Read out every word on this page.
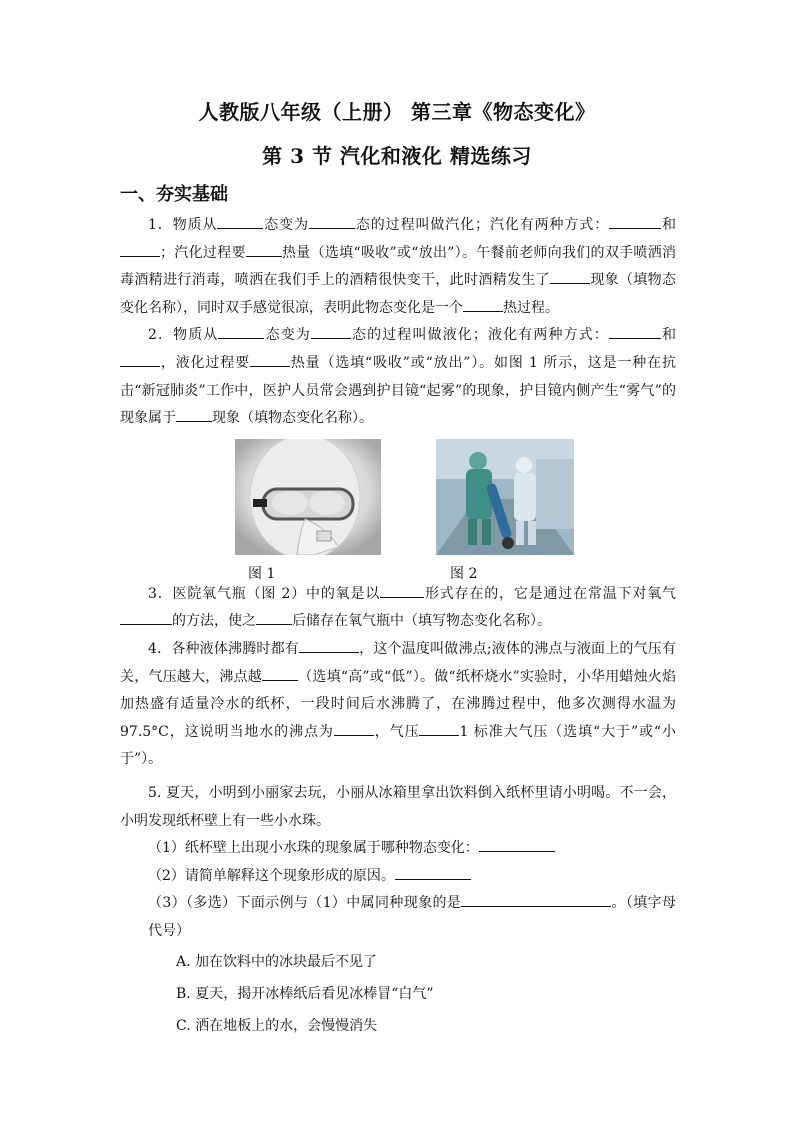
人教版八年级（上册） 第三章《物态变化》
第 3 节 汽化和液化 精选练习
一、夯实基础

1．物质从	态变为	态的过程叫做汽化；汽化有两种方式：	和；汽化过程要	热量（选填“吸收”或“放出”）。午餐前老师向我们的双手喷洒消毒酒精进行消毒，喷洒在我们手上的酒精很快变干，此时酒精发生了	现象（填物态变化名称），同时双手感觉很凉，表明此物态变化是一个	热过程。

2．物质从	态变为	态的过程叫做液化；液化有两种方式：	和，液化过程要	热量（选填“吸收”或“放出”）。如图 1 所示，这是一种在抗击“新冠肺炎”工作中，医护人员常会遇到护目镜“起雾”的现象，护目镜内侧产生“雾气”的现象属于	现象（填物态变化名称）。

图 1	图 2

3．医院氧气瓶（图 2）中的氧是以	形式存在的，它是通过在常温下对氧气的方法，使之	后储存在氧气瓶中（填写物态变化名称）。

4．各种液体沸腾时都有	，这个温度叫做沸点;液体的沸点与液面上的气压有关，气压越大，沸点越	（选填“高”或“低”）。做“纸杯烧水”实验时，小华用蜡烛火焰加热盛有适量冷水的纸杯，一段时间后水沸腾了，在沸腾过程中，他多次测得水温为 97.5°C，这说明当地水的沸点为	，气压	1 标准大气压（选填“大于”或“小于”）。

5. 夏天，小明到小丽家去玩，小丽从冰箱里拿出饮料倒入纸杯里请小明喝。不一会，小明发现纸杯壁上有一些小水珠。

（1）纸杯壁上出现小水珠的现象属于哪种物态变化：

（2）请简单解释这个现象形成的原因。

（3）（多选）下面示例与（1）中属同种现象的是	。（填字母代号）

A. 加在饮料中的冰块最后不见了

B. 夏天，揭开冰棒纸后看见冰棒冒“白气”

C. 洒在地板上的水，会慢慢消失
